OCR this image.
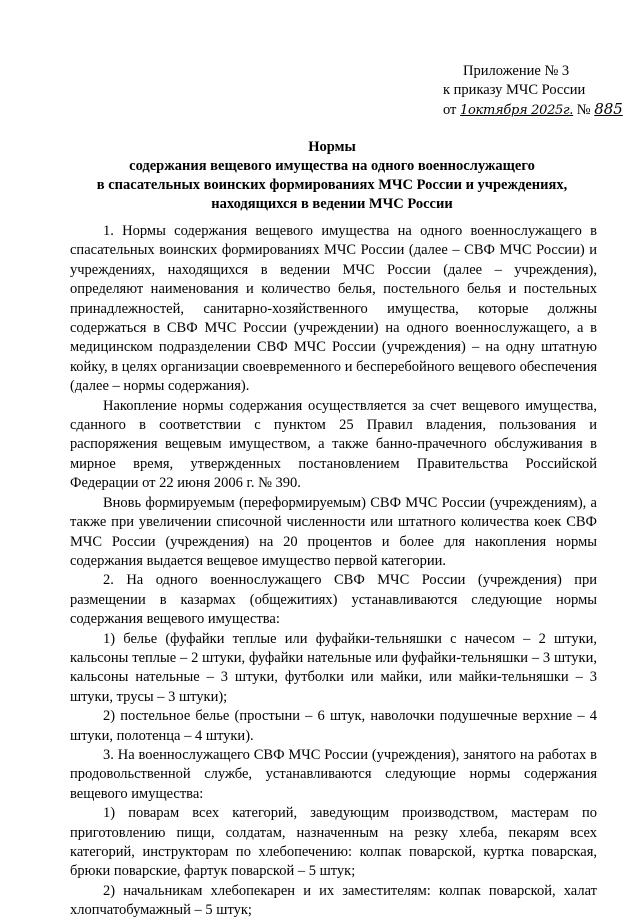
Приложение № 3
к приказу МЧС России
от 1октября 2025г. № 885
Нормы
содержания вещевого имущества на одного военнослужащего
в спасательных воинских формированиях МЧС России и учреждениях,
находящихся в ведении МЧС России

1. Нормы содержания вещевого имущества на одного военнослужащего в спасательных воинских формированиях МЧС России (далее – СВФ МЧС России) и учреждениях, находящихся в ведении МЧС России (далее – учреждения), определяют наименования и количество белья, постельного белья и постельных принадлежностей, санитарно-хозяйственного имущества, которые должны содержаться в СВФ МЧС России (учреждении) на одного военнослужащего, а в медицинском подразделении СВФ МЧС России (учреждения) – на одну штатную койку, в целях организации своевременного и бесперебойного вещевого обеспечения (далее – нормы содержания).

Накопление нормы содержания осуществляется за счет вещевого имущества, сданного в соответствии с пунктом 25 Правил владения, пользования и распоряжения вещевым имуществом, а также банно-прачечного обслуживания в мирное время, утвержденных постановлением Правительства Российской Федерации от 22 июня 2006 г. № 390.

Вновь формируемым (переформируемым) СВФ МЧС России (учреждениям), а также при увеличении списочной численности или штатного количества коек СВФ МЧС России (учреждения) на 20 процентов и более для накопления нормы содержания выдается вещевое имущество первой категории.

2. На одного военнослужащего СВФ МЧС России (учреждения) при размещении в казармах (общежитиях) устанавливаются следующие нормы содержания вещевого имущества:

1) белье (фуфайки теплые или фуфайки-тельняшки с начесом – 2 штуки, кальсоны теплые – 2 штуки, фуфайки нательные или фуфайки-тельняшки – 3 штуки, кальсоны нательные – 3 штуки, футболки или майки, или майки-тельняшки – 3 штуки, трусы – 3 штуки);

2) постельное белье (простыни – 6 штук, наволочки подушечные верхние – 4 штуки, полотенца – 4 штуки).

3. На военнослужащего СВФ МЧС России (учреждения), занятого на работах в продовольственной службе, устанавливаются следующие нормы содержания вещевого имущества:

1) поварам всех категорий, заведующим производством, мастерам по приготовлению пищи, солдатам, назначенным на резку хлеба, пекарям всех категорий, инструкторам по хлебопечению: колпак поварской, куртка поварская, брюки поварские, фартук поварской – 5 штук;

2) начальникам хлебопекарен и их заместителям: колпак поварской, халат хлопчатобумажный – 5 штук;
